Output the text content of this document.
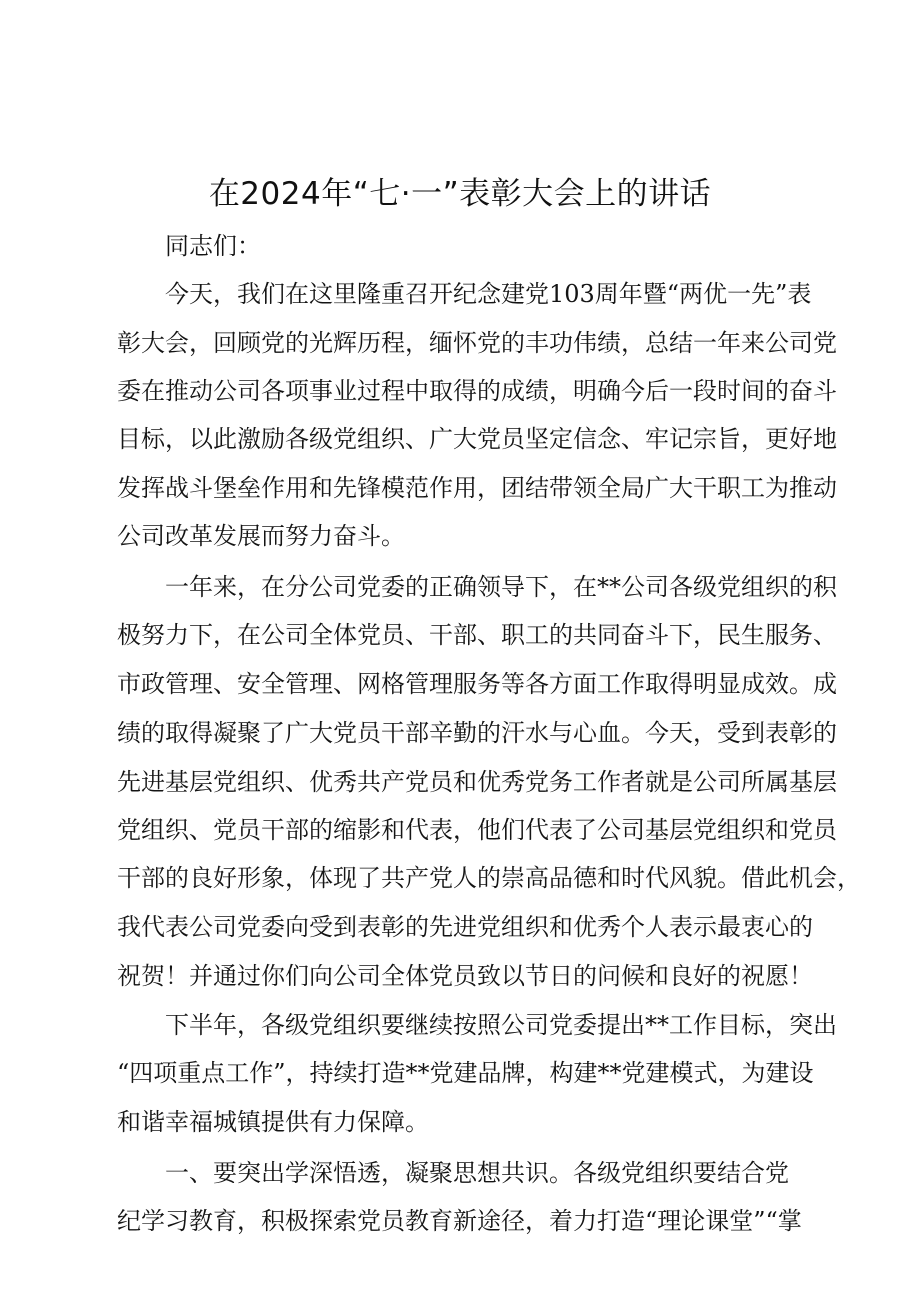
在2024年“七·一”表彰大会上的讲话
同志们：
今天，我们在这里隆重召开纪念建党103周年暨“两优一先”表
彰大会，回顾党的光辉历程，缅怀党的丰功伟绩，总结一年来公司党
委在推动公司各项事业过程中取得的成绩，明确今后一段时间的奋斗
目标，以此激励各级党组织、广大党员坚定信念、牢记宗旨，更好地
发挥战斗堡垒作用和先锋模范作用，团结带领全局广大干职工为推动
公司改革发展而努力奋斗。
一年来，在分公司党委的正确领导下，在**公司各级党组织的积
极努力下，在公司全体党员、干部、职工的共同奋斗下，民生服务、
市政管理、安全管理、网格管理服务等各方面工作取得明显成效。成
绩的取得凝聚了广大党员干部辛勤的汗水与心血。今天，受到表彰的
先进基层党组织、优秀共产党员和优秀党务工作者就是公司所属基层
党组织、党员干部的缩影和代表，他们代表了公司基层党组织和党员
干部的良好形象，体现了共产党人的崇高品德和时代风貌。借此机会，
我代表公司党委向受到表彰的先进党组织和优秀个人表示最衷心的
祝贺！并通过你们向公司全体党员致以节日的问候和良好的祝愿！
下半年，各级党组织要继续按照公司党委提出**工作目标，突出
“四项重点工作”，持续打造**党建品牌，构建**党建模式，为建设
和谐幸福城镇提供有力保障。
一、要突出学深悟透，凝聚思想共识。各级党组织要结合党
纪学习教育，积极探索党员教育新途径，着力打造“理论课堂”“掌
